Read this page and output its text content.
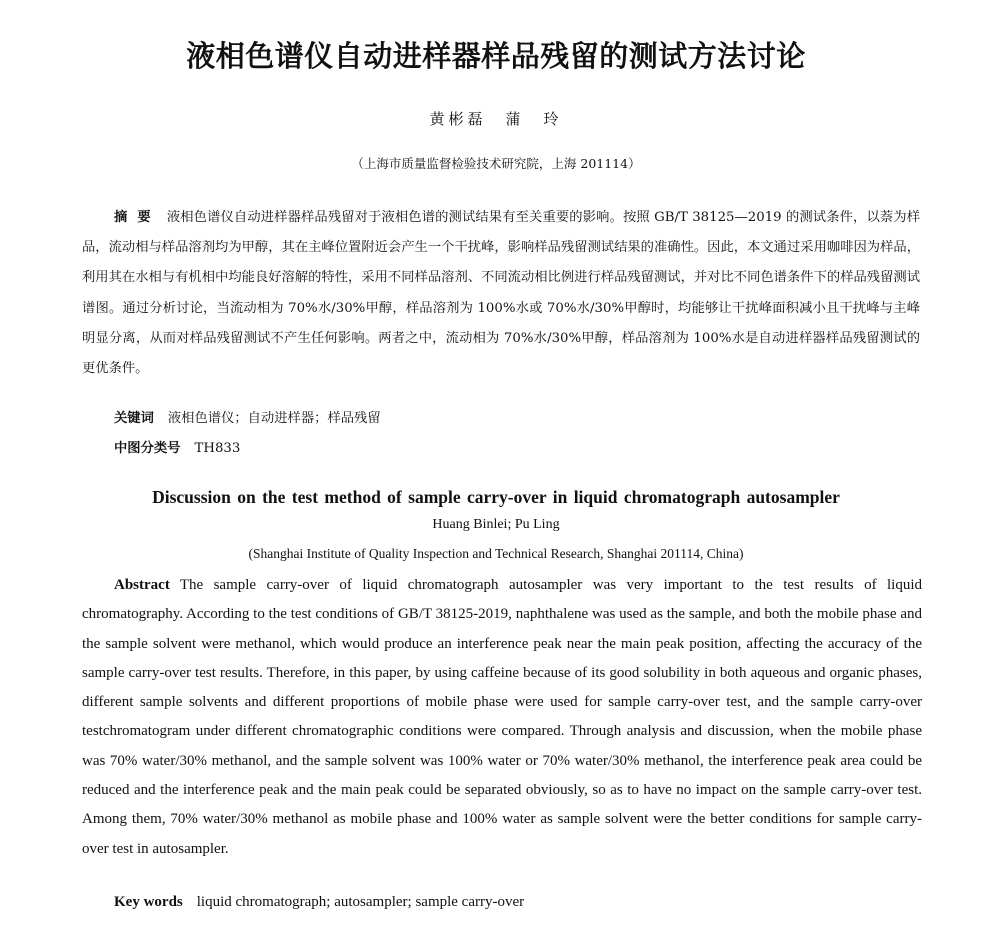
液相色谱仪自动进样器样品残留的测试方法讨论
黄彬磊　蒲　玲
（上海市质量监督检验技术研究院，上海 201114）
摘要 液相色谱仪自动进样器样品残留对于液相色谱的测试结果有至关重要的影响。按照 GB/T 38125—2019 的测试条件，以萘为样品，流动相与样品溶剂均为甲醇，其在主峰位置附近会产生一个干扰峰，影响样品残留测试结果的准确性。因此，本文通过采用咖啡因为样品，利用其在水相与有机相中均能良好溶解的特性，采用不同样品溶剂、不同流动相比例进行样品残留测试，并对比不同色谱条件下的样品残留测试谱图。通过分析讨论，当流动相为 70%水/30%甲醇，样品溶剂为 100%水或 70%水/30%甲醇时，均能够让干扰峰面积减小且干扰峰与主峰明显分离，从而对样品残留测试不产生任何影响。两者之中，流动相为 70%水/30%甲醇，样品溶剂为 100%水是自动进样器样品残留测试的更优条件。
关键词 液相色谱仪；自动进样器；样品残留
中图分类号 TH833
Discussion on the test method of sample carry-over in liquid chromatograph autosampler
Huang Binlei; Pu Ling
(Shanghai Institute of Quality Inspection and Technical Research, Shanghai 201114, China)
Abstract The sample carry-over of liquid chromatograph autosampler was very important to the test results of liquid chromatography. According to the test conditions of GB/T 38125-2019, naphthalene was used as the sample, and both the mobile phase and the sample solvent were methanol, which would produce an interference peak near the main peak position, affecting the accuracy of the sample carry-over test results. Therefore, in this paper, by using caffeine because of its good solubility in both aqueous and organic phases, different sample solvents and different proportions of mobile phase were used for sample carry-over test, and the sample carry-over testchromatogram under different chromatographic conditions were compared. Through analysis and discussion, when the mobile phase was 70% water/30% methanol, and the sample solvent was 100% water or 70% water/30% methanol, the interference peak area could be reduced and the interference peak and the main peak could be separated obviously, so as to have no impact on the sample carry-over test. Among them, 70% water/30% methanol as mobile phase and 100% water as sample solvent were the better conditions for sample carry-over test in autosampler.
Key words liquid chromatograph; autosampler; sample carry-over
